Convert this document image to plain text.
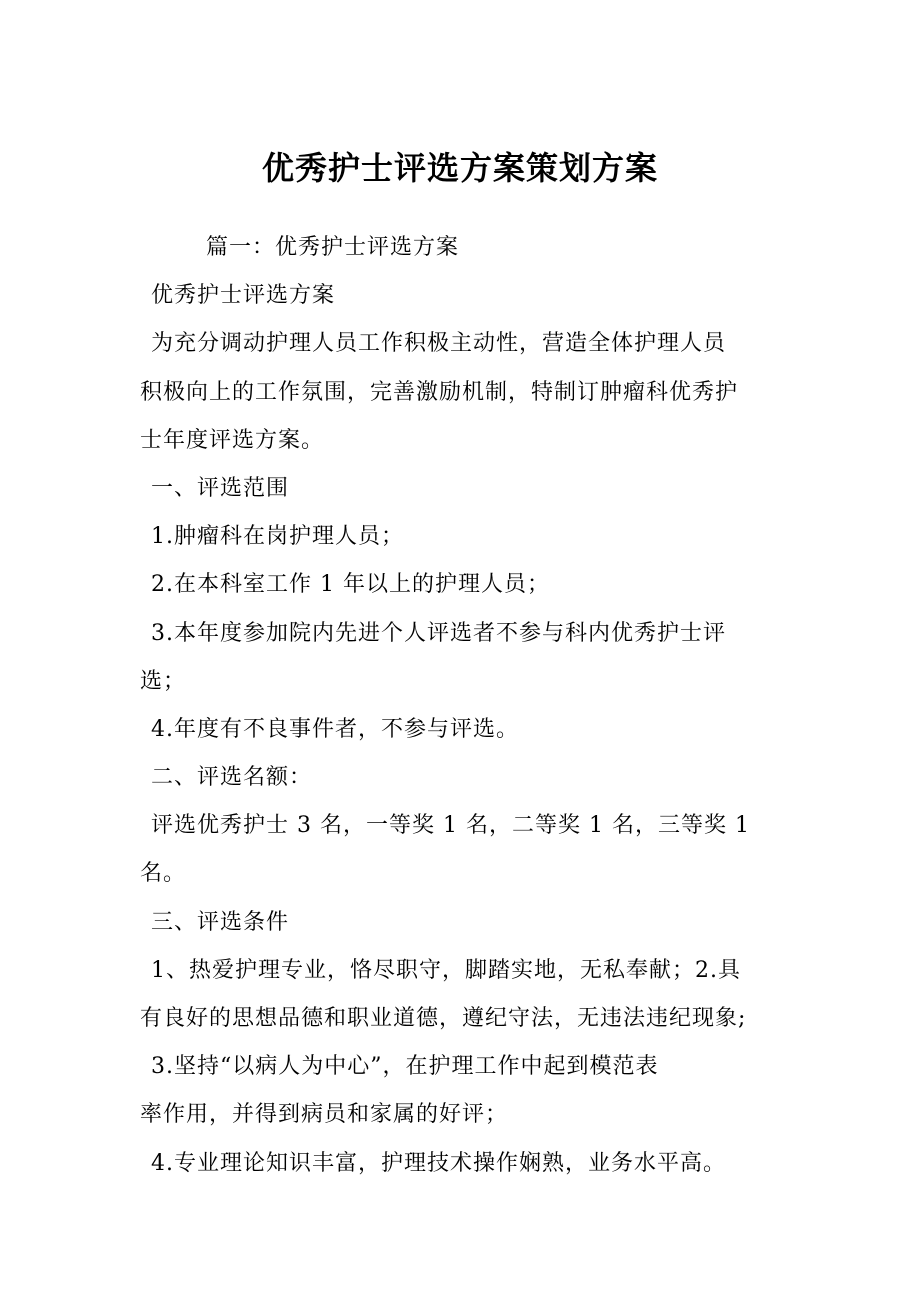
优秀护士评选方案策划方案
篇一：优秀护士评选方案
优秀护士评选方案
为充分调动护理人员工作积极主动性，营造全体护理人员
积极向上的工作氛围，完善激励机制，特制订肿瘤科优秀护
士年度评选方案。
一、评选范围
1.肿瘤科在岗护理人员；
2.在本科室工作 1 年以上的护理人员；
3.本年度参加院内先进个人评选者不参与科内优秀护士评
选；
4.年度有不良事件者，不参与评选。
二、评选名额：
评选优秀护士 3 名，一等奖 1 名，二等奖 1 名，三等奖 1
名。
三、评选条件
1、热爱护理专业，恪尽职守，脚踏实地，无私奉献；2.具
有良好的思想品德和职业道德，遵纪守法，无违法违纪现象;
3.坚持“以病人为中心”，在护理工作中起到模范表
率作用，并得到病员和家属的好评；
4.专业理论知识丰富，护理技术操作娴熟，业务水平高。
